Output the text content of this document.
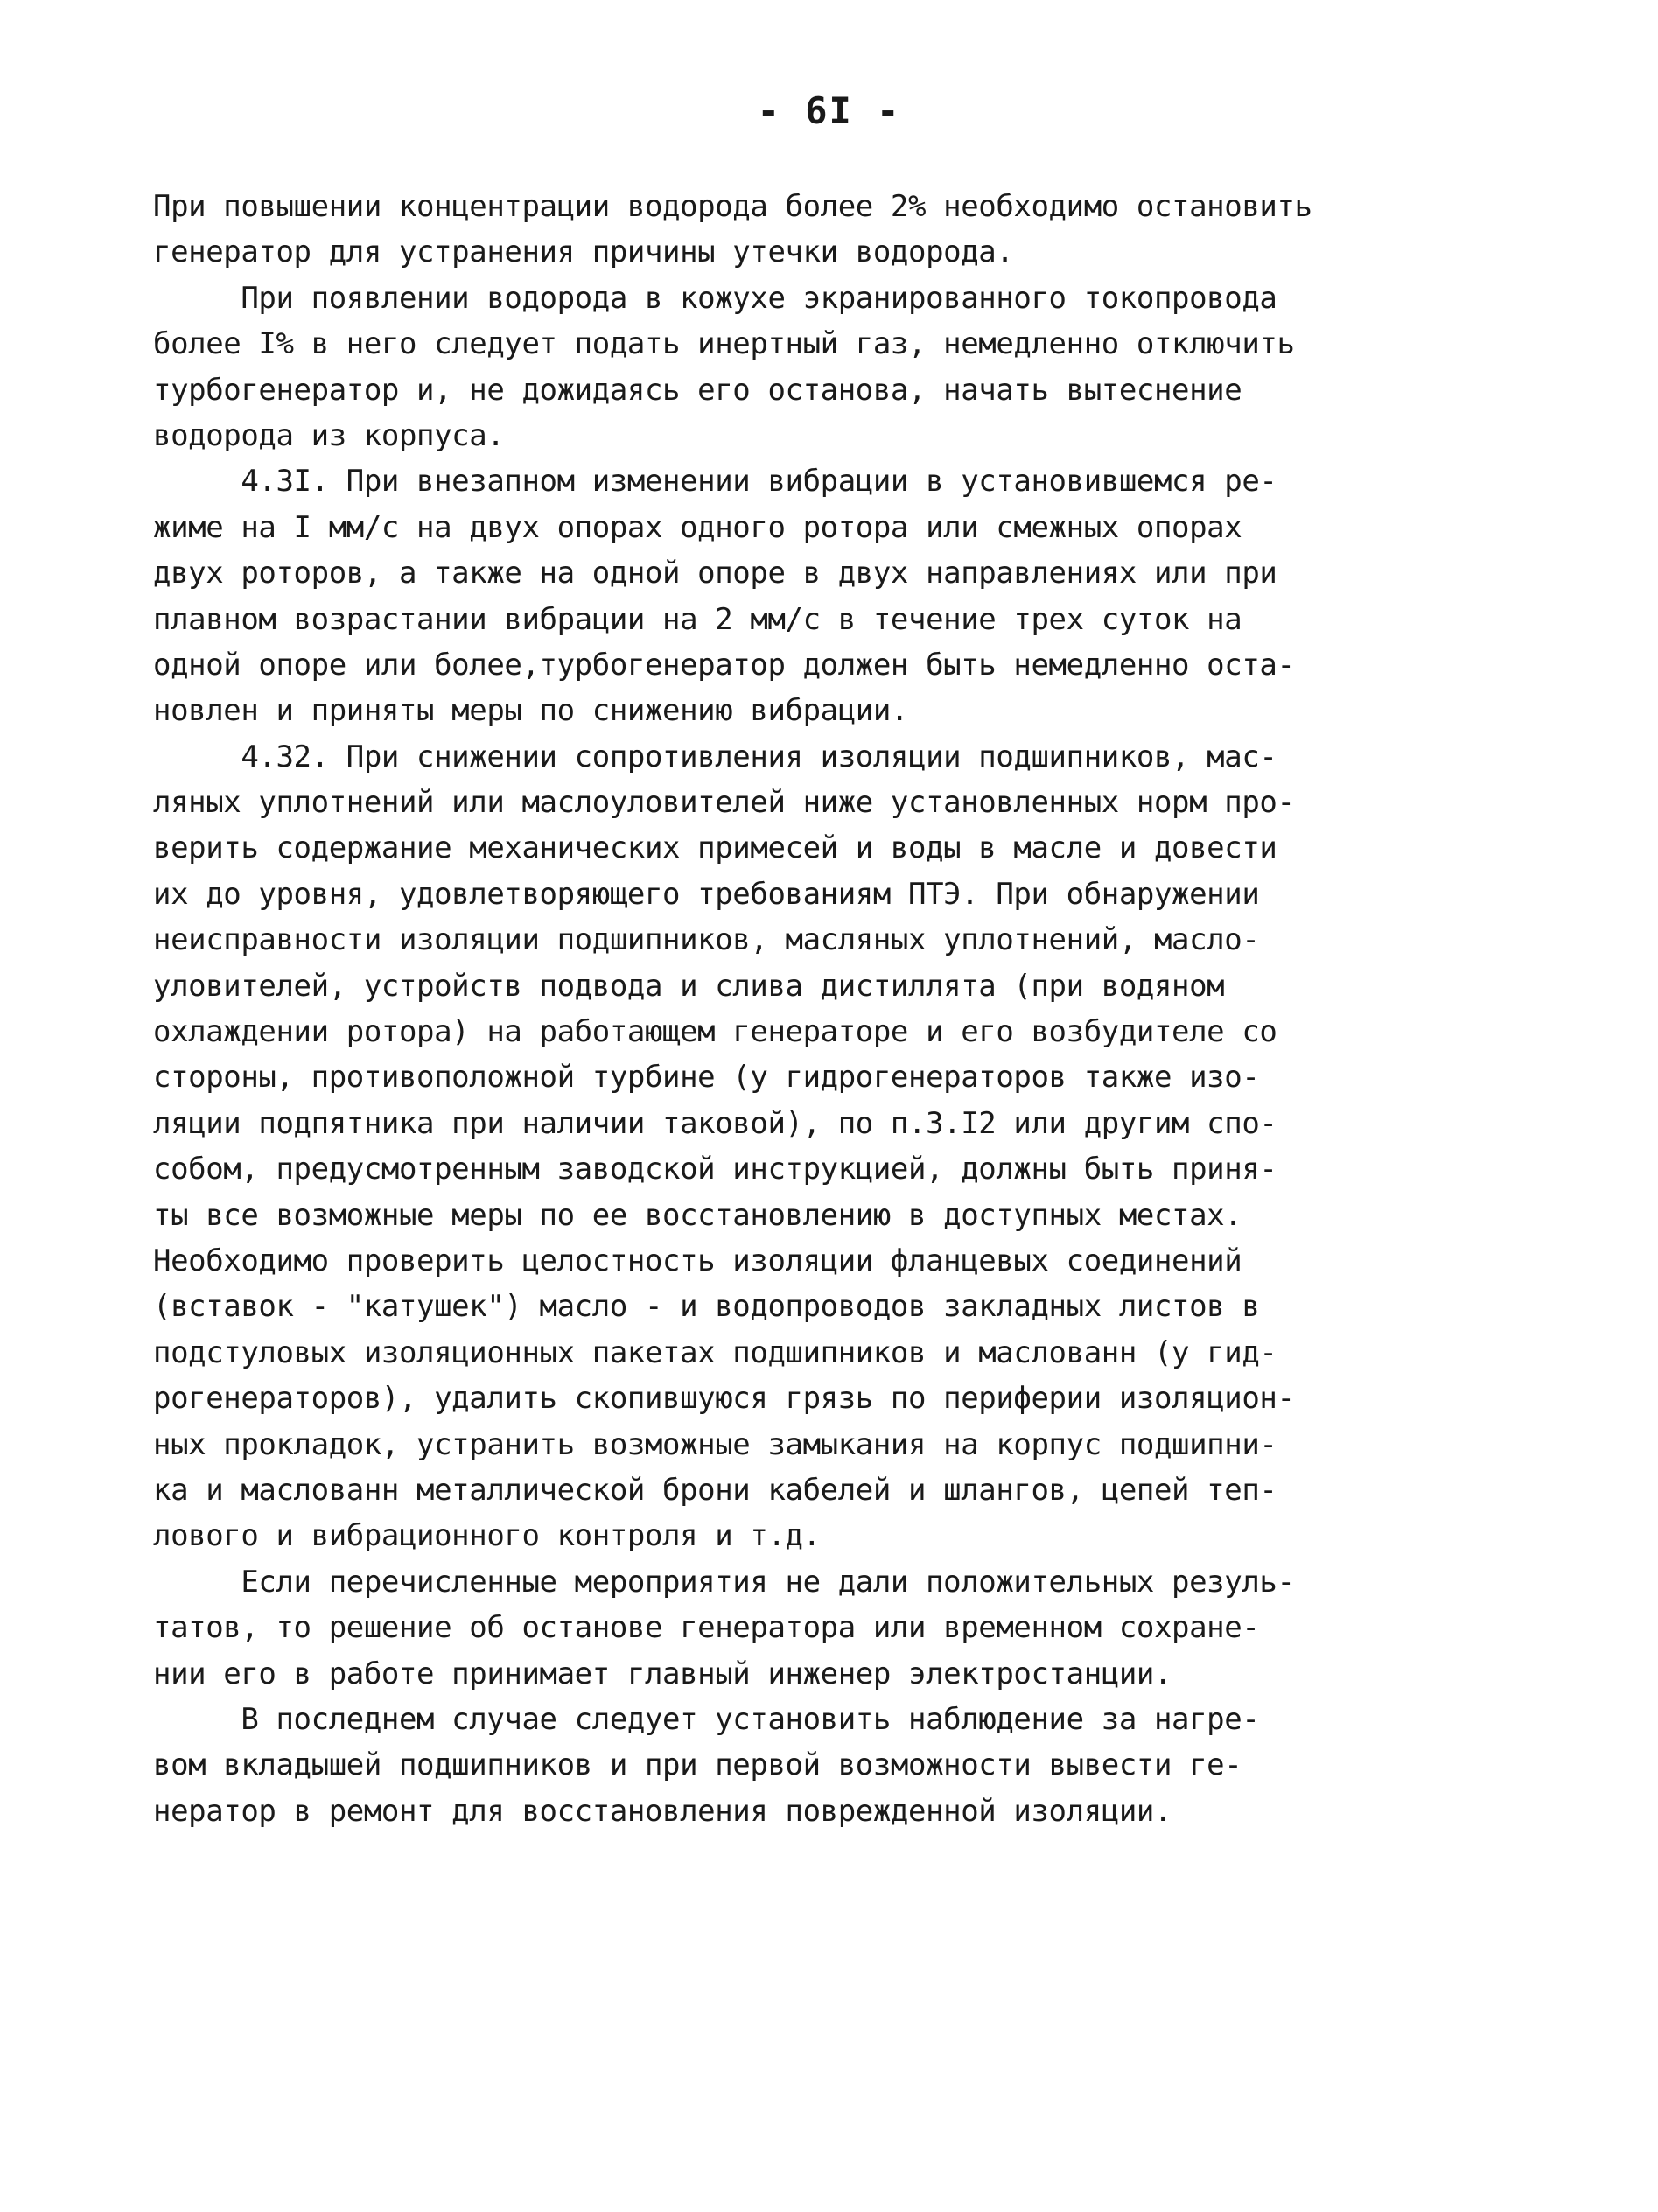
- 6I -
При повышении концентрации водорода более 2% необходимо остановить
генератор для устранения причины утечки водорода.
При появлении водорода в кожухе экранированного токопровода
более I% в него следует подать инертный газ, немедленно отключить
турбогенератор и, не дожидаясь его останова, начать вытеснение
водорода из корпуса.
4.3I. При внезапном изменении вибрации в установившемся ре-
жиме на I мм/с на двух опорах одного ротора или смежных опорах
двух роторов, а также на одной опоре в двух направлениях или при
плавном возрастании вибрации на 2 мм/с в течение трех суток на
одной опоре или более,турбогенератор должен быть немедленно оста-
новлен и приняты меры по снижению вибрации.
4.32. При снижении сопротивления изоляции подшипников, мас-
ляных уплотнений или маслоуловителей ниже установленных норм про-
верить содержание механических примесей и воды в масле и довести
их до уровня, удовлетворяющего требованиям ПТЭ. При обнаружении
неисправности изоляции подшипников, масляных уплотнений, масло-
уловителей, устройств подвода и слива дистиллята (при водяном
охлаждении ротора) на работающем генераторе и его возбудителе со
стороны, противоположной турбине (у гидрогенераторов также изо-
ляции подпятника при наличии таковой), по п.3.I2 или другим спо-
собом, предусмотренным заводской инструкцией, должны быть приня-
ты все возможные меры по ее восстановлению в доступных местах.
Необходимо проверить целостность изоляции фланцевых соединений
(вставок - "катушек") масло - и водопроводов закладных листов в
подстуловых изоляционных пакетах подшипников и маслованн (у гид-
рогенераторов), удалить скопившуюся грязь по периферии изоляцион-
ных прокладок, устранить возможные замыкания на корпус подшипни-
ка и маслованн металлической брони кабелей и шлангов, цепей теп-
лового и вибрационного контроля и т.д.
Если перечисленные мероприятия не дали положительных резуль-
татов, то решение об останове генератора или временном сохране-
нии его в работе принимает главный инженер электростанции.
В последнем случае следует установить наблюдение за нагре-
вом вкладышей подшипников и при первой возможности вывести ге-
нератор в ремонт для восстановления поврежденной изоляции.
